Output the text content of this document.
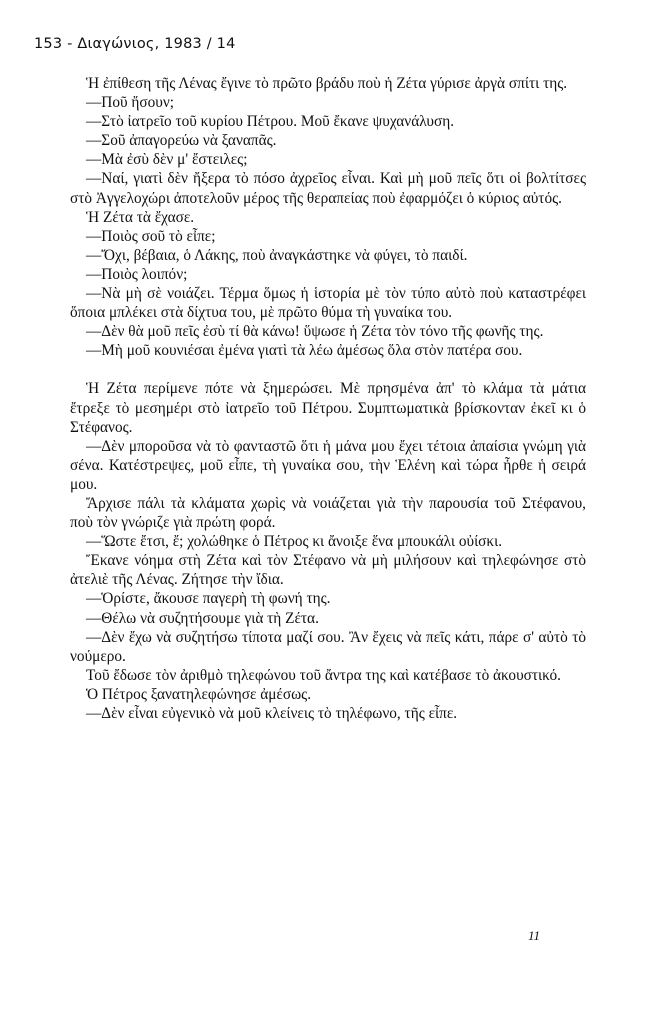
153 - Διαγώνιος, 1983 / 14

Ἡ ἐπίθεση τῆς Λένας ἔγινε τὸ πρῶτο βράδυ ποὺ ἡ Ζέτα γύρισε ἀργὰ σπίτι της.

—Ποῦ ἤσουν;

—Στὸ ἰατρεῖο τοῦ κυρίου Πέτρου. Μοῦ ἔκανε ψυχανάλυση.

—Σοῦ ἀπαγορεύω νὰ ξαναπᾶς.

—Μὰ ἐσὺ δὲν μ' ἔστειλες;

—Ναί, γιατὶ δὲν ἤξερα τὸ πόσο ἀχρεῖος εἶναι. Καὶ μὴ μοῦ πεῖς ὅτι οἱ βολτίτσες στὸ Ἀγγελοχώρι ἀποτελοῦν μέρος τῆς θεραπείας ποὺ ἐφαρμόζει ὁ κύριος αὐτός.

Ἡ Ζέτα τὰ ἔχασε.

—Ποιὸς σοῦ τὸ εἶπε;

—Ὄχι, βέβαια, ὁ Λάκης, ποὺ ἀναγκάστηκε νὰ φύγει, τὸ παιδί.

—Ποιὸς λοιπόν;

—Νὰ μὴ σὲ νοιάζει. Τέρμα ὅμως ἡ ἱστορία μὲ τὸν τύπο αὐτὸ ποὺ καταστρέφει ὅποια μπλέκει στὰ δίχτυα του, μὲ πρῶτο θύμα τὴ γυναίκα του.

—Δὲν θὰ μοῦ πεῖς ἐσὺ τί θὰ κάνω! ὕψωσε ἡ Ζέτα τὸν τόνο τῆς φωνῆς της.

—Μὴ μοῦ κουνιέσαι ἐμένα γιατὶ τὰ λέω ἀμέσως ὅλα στὸν πατέρα σου.

Ἡ Ζέτα περίμενε πότε νὰ ξημερώσει. Μὲ πρησμένα ἀπ' τὸ κλάμα τὰ μάτια ἔτρεξε τὸ μεσημέρι στὸ ἰατρεῖο τοῦ Πέτρου. Συμπτωματικὰ βρίσκονταν ἐκεῖ κι ὁ Στέφανος.

—Δὲν μποροῦσα νὰ τὸ φανταστῶ ὅτι ἡ μάνα μου ἔχει τέτοια ἀπαίσια γνώμη γιὰ σένα. Κατέστρεψες, μοῦ εἶπε, τὴ γυναίκα σου, τὴν Ἑλένη καὶ τώρα ἦρθε ἡ σειρά μου.

Ἄρχισε πάλι τὰ κλάματα χωρὶς νὰ νοιάζεται γιὰ τὴν παρουσία τοῦ Στέφανου, ποὺ τὸν γνώριζε γιὰ πρώτη φορά.

—Ὥστε ἔτσι, ἔ; χολώθηκε ὁ Πέτρος κι ἄνοιξε ἕνα μπουκάλι οὐίσκι.

Ἔκανε νόημα στὴ Ζέτα καὶ τὸν Στέφανο νὰ μὴ μιλήσουν καὶ τηλεφώνησε στὸ ἀτελιὲ τῆς Λένας. Ζήτησε τὴν ἴδια.

—Ὁρίστε, ἄκουσε παγερὴ τὴ φωνή της.

—Θέλω νὰ συζητήσουμε γιὰ τὴ Ζέτα.

—Δὲν ἔχω νὰ συζητήσω τίποτα μαζί σου. Ἂν ἔχεις νὰ πεῖς κάτι, πάρε σ' αὐτὸ τὸ νούμερο.

Τοῦ ἔδωσε τὸν ἀριθμὸ τηλεφώνου τοῦ ἄντρα της καὶ κατέβασε τὸ ἀκουστικό.

Ὁ Πέτρος ξανατηλεφώνησε ἀμέσως.

—Δὲν εἶναι εὐγενικὸ νὰ μοῦ κλείνεις τὸ τηλέφωνο, τῆς εἶπε.

11
